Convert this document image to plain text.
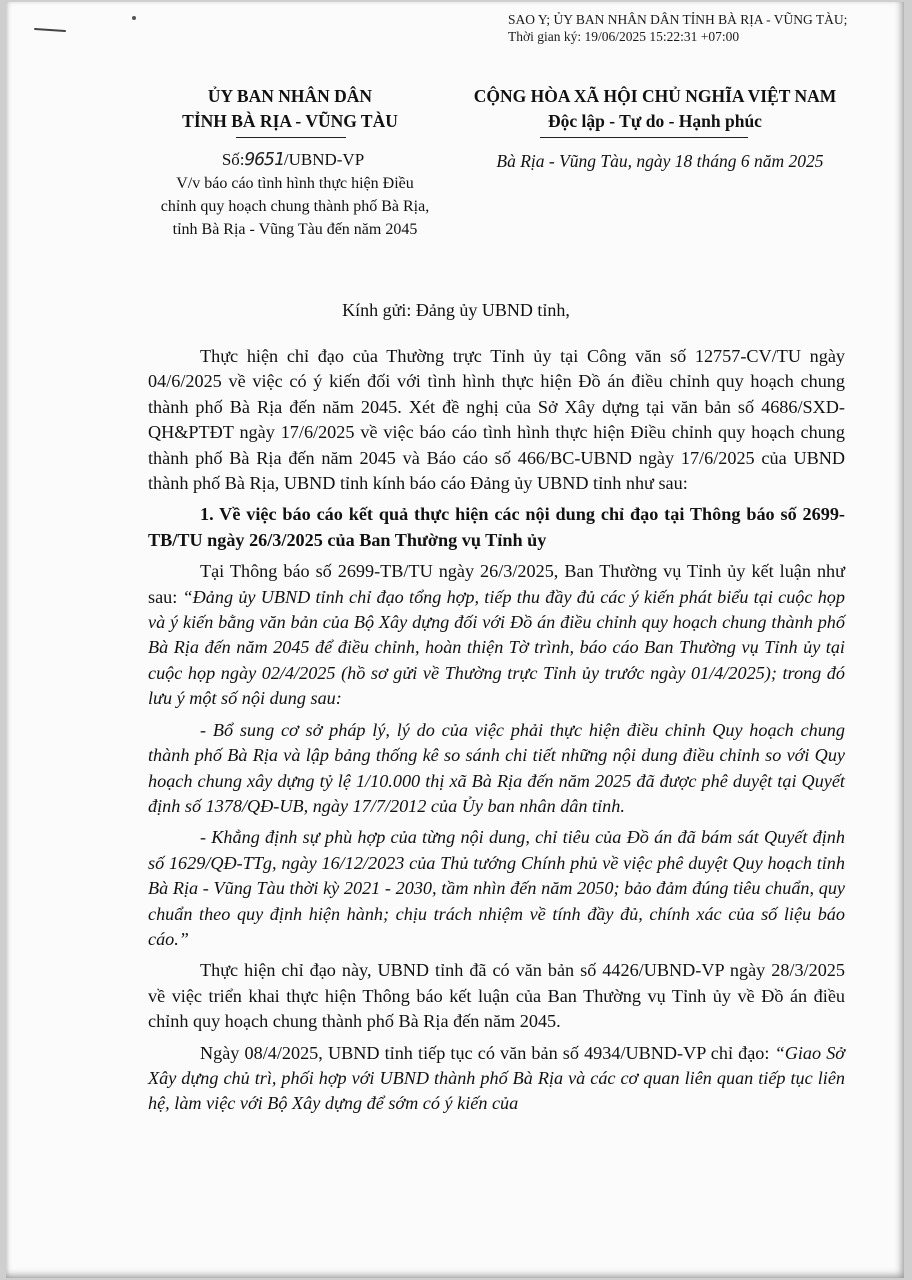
SAO Y; ỦY BAN NHÂN DÂN TỈNH BÀ RỊA - VŨNG TÀU;
Thời gian ký: 19/06/2025 15:22:31 +07:00
ỦY BAN NHÂN DÂN
TỈNH BÀ RỊA - VŨNG TÀU
CỘNG HÒA XÃ HỘI CHỦ NGHĨA VIỆT NAM
Độc lập - Tự do - Hạnh phúc
Số:9651/UBND-VP
V/v báo cáo tình hình thực hiện Điều
chỉnh quy hoạch chung thành phố Bà Rịa,
tỉnh Bà Rịa - Vũng Tàu đến năm 2045
Bà Rịa - Vũng Tàu, ngày 18 tháng 6 năm 2025
Kính gửi: Đảng ủy UBND tỉnh,

Thực hiện chỉ đạo của Thường trực Tỉnh ủy tại Công văn số 12757-CV/TU ngày 04/6/2025 về việc có ý kiến đối với tình hình thực hiện Đồ án điều chỉnh quy hoạch chung thành phố Bà Rịa đến năm 2045. Xét đề nghị của Sở Xây dựng tại văn bản số 4686/SXD-QH&PTĐT ngày 17/6/2025 về việc báo cáo tình hình thực hiện Điều chỉnh quy hoạch chung thành phố Bà Rịa đến năm 2045 và Báo cáo số 466/BC-UBND ngày 17/6/2025 của UBND thành phố Bà Rịa, UBND tỉnh kính báo cáo Đảng ủy UBND tỉnh như sau:

1. Về việc báo cáo kết quả thực hiện các nội dung chỉ đạo tại Thông báo số 2699-TB/TU ngày 26/3/2025 của Ban Thường vụ Tỉnh ủy

Tại Thông báo số 2699-TB/TU ngày 26/3/2025, Ban Thường vụ Tỉnh ủy kết luận như sau: “Đảng ủy UBND tỉnh chỉ đạo tổng hợp, tiếp thu đầy đủ các ý kiến phát biểu tại cuộc họp và ý kiến bằng văn bản của Bộ Xây dựng đối với Đồ án điều chỉnh quy hoạch chung thành phố Bà Rịa đến năm 2045 để điều chỉnh, hoàn thiện Tờ trình, báo cáo Ban Thường vụ Tỉnh ủy tại cuộc họp ngày 02/4/2025 (hồ sơ gửi về Thường trực Tỉnh ủy trước ngày 01/4/2025); trong đó lưu ý một số nội dung sau:

- Bổ sung cơ sở pháp lý, lý do của việc phải thực hiện điều chỉnh Quy hoạch chung thành phố Bà Rịa và lập bảng thống kê so sánh chi tiết những nội dung điều chỉnh so với Quy hoạch chung xây dựng tỷ lệ 1/10.000 thị xã Bà Rịa đến năm 2025 đã được phê duyệt tại Quyết định số 1378/QĐ-UB, ngày 17/7/2012 của Ủy ban nhân dân tỉnh.

- Khẳng định sự phù hợp của từng nội dung, chỉ tiêu của Đồ án đã bám sát Quyết định số 1629/QĐ-TTg, ngày 16/12/2023 của Thủ tướng Chính phủ về việc phê duyệt Quy hoạch tỉnh Bà Rịa - Vũng Tàu thời kỳ 2021 - 2030, tầm nhìn đến năm 2050; bảo đảm đúng tiêu chuẩn, quy chuẩn theo quy định hiện hành; chịu trách nhiệm về tính đầy đủ, chính xác của số liệu báo cáo.”

Thực hiện chỉ đạo này, UBND tỉnh đã có văn bản số 4426/UBND-VP ngày 28/3/2025 về việc triển khai thực hiện Thông báo kết luận của Ban Thường vụ Tỉnh ủy về Đồ án điều chỉnh quy hoạch chung thành phố Bà Rịa đến năm 2045.

Ngày 08/4/2025, UBND tỉnh tiếp tục có văn bản số 4934/UBND-VP chỉ đạo: “Giao Sở Xây dựng chủ trì, phối hợp với UBND thành phố Bà Rịa và các cơ quan liên quan tiếp tục liên hệ, làm việc với Bộ Xây dựng để sớm có ý kiến của
